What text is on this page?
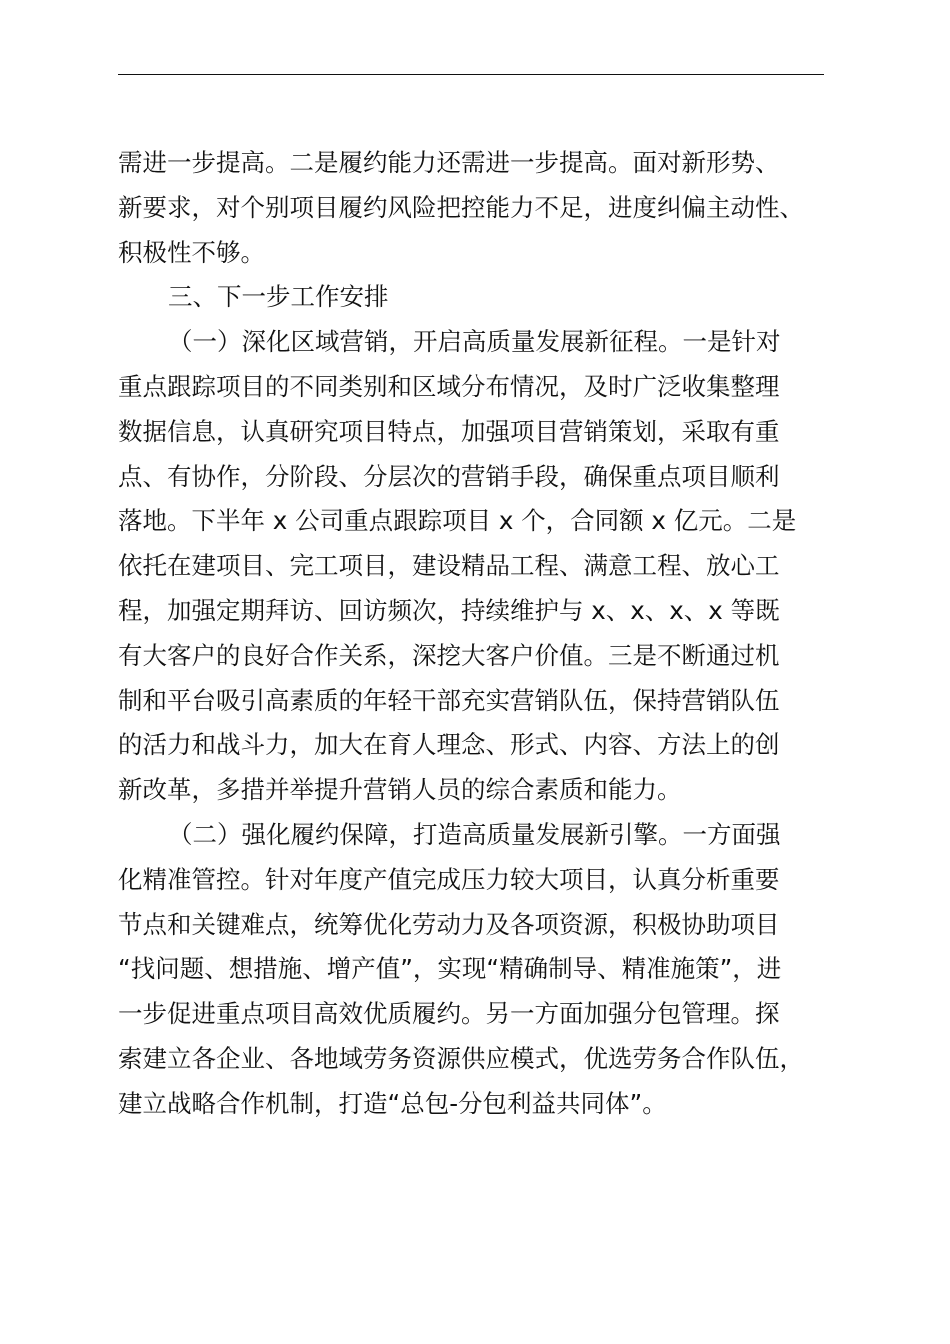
需进一步提高。二是履约能力还需进一步提高。面对新形势、
新要求，对个别项目履约风险把控能力不足，进度纠偏主动性、
积极性不够。

三、下一步工作安排

（一）深化区域营销，开启高质量发展新征程。一是针对
重点跟踪项目的不同类别和区域分布情况，及时广泛收集整理
数据信息，认真研究项目特点，加强项目营销策划，采取有重
点、有协作，分阶段、分层次的营销手段，确保重点项目顺利
落地。下半年 x 公司重点跟踪项目 x 个，合同额 x 亿元。二是
依托在建项目、完工项目，建设精品工程、满意工程、放心工
程，加强定期拜访、回访频次，持续维护与 x、x、x、x 等既
有大客户的良好合作关系，深挖大客户价值。三是不断通过机
制和平台吸引高素质的年轻干部充实营销队伍，保持营销队伍
的活力和战斗力，加大在育人理念、形式、内容、方法上的创
新改革，多措并举提升营销人员的综合素质和能力。

（二）强化履约保障，打造高质量发展新引擎。一方面强
化精准管控。针对年度产值完成压力较大项目，认真分析重要
节点和关键难点，统筹优化劳动力及各项资源，积极协助项目
“找问题、想措施、增产值”，实现“精确制导、精准施策”，进
一步促进重点项目高效优质履约。另一方面加强分包管理。探
索建立各企业、各地域劳务资源供应模式，优选劳务合作队伍，
建立战略合作机制，打造“总包-分包利益共同体”。
